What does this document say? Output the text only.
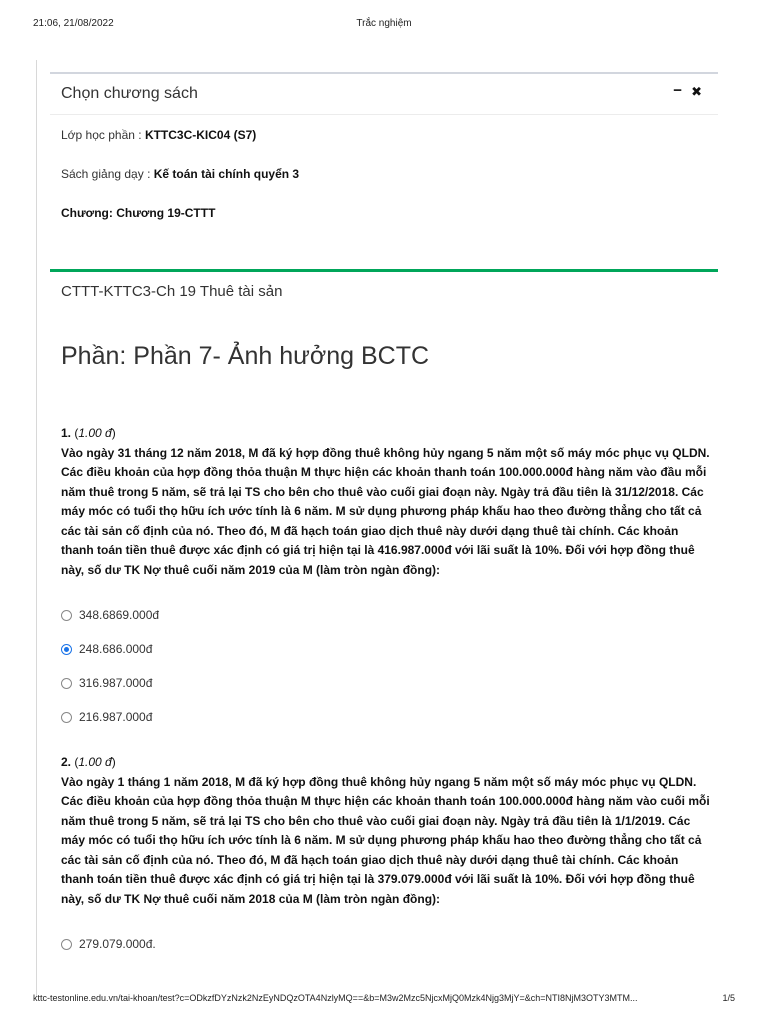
21:06, 21/08/2022	Trắc nghiệm
Chọn chương sách	− ✖
Lớp học phần : KTTC3C-KIC04 (S7)
Sách giảng dạy : Kế toán tài chính quyển 3
Chương: Chương 19-CTTT
CTTT-KTTC3-Ch 19 Thuê tài sản
Phần: Phần 7- Ảnh hưởng BCTC
1. (1.00 đ)
Vào ngày 31 tháng 12 năm 2018, M đã ký hợp đồng thuê không hủy ngang 5 năm một số máy móc phục vụ QLDN. Các điều khoản của hợp đồng thỏa thuận M thực hiện các khoản thanh toán 100.000.000đ hàng năm vào đầu mỗi năm thuê trong 5 năm, sẽ trả lại TS cho bên cho thuê vào cuối giai đoạn này. Ngày trả đầu tiên là 31/12/2018. Các máy móc có tuổi thọ hữu ích ước tính là 6 năm. M sử dụng phương pháp khấu hao theo đường thẳng cho tất cả các tài sản cố định của nó. Theo đó, M đã hạch toán giao dịch thuê này dưới dạng thuê tài chính. Các khoản thanh toán tiền thuê được xác định có giá trị hiện tại là 416.987.000đ với lãi suất là 10%. Đối với hợp đồng thuê này, số dư TK Nợ thuê cuối năm 2019 của M (làm tròn ngàn đồng):
348.6869.000đ
248.686.000đ
316.987.000đ
216.987.000đ
2. (1.00 đ)
Vào ngày 1 tháng 1 năm 2018, M đã ký hợp đồng thuê không hủy ngang 5 năm một số máy móc phục vụ QLDN. Các điều khoản của hợp đồng thỏa thuận M thực hiện các khoản thanh toán 100.000.000đ hàng năm vào cuối mỗi năm thuê trong 5 năm, sẽ trả lại TS cho bên cho thuê vào cuối giai đoạn này. Ngày trả đầu tiên là 1/1/2019. Các máy móc có tuổi thọ hữu ích ước tính là 6 năm. M sử dụng phương pháp khấu hao theo đường thẳng cho tất cả các tài sản cố định của nó. Theo đó, M đã hạch toán giao dịch thuê này dưới dạng thuê tài chính. Các khoản thanh toán tiền thuê được xác định có giá trị hiện tại là 379.079.000đ với lãi suất là 10%. Đối với hợp đồng thuê này, số dư TK Nợ thuê cuối năm 2018 của M (làm tròn ngàn đồng):
279.079.000đ.
kttc-testonline.edu.vn/tai-khoan/test?c=ODkzfDYzNzk2NzEyNDQzOTA4NzlyMQ==&b=M3w2Mzc5NjcxMjQ0Mzk4Njg3MjY=&ch=NTI8NjM3OTY3MTM...	1/5
